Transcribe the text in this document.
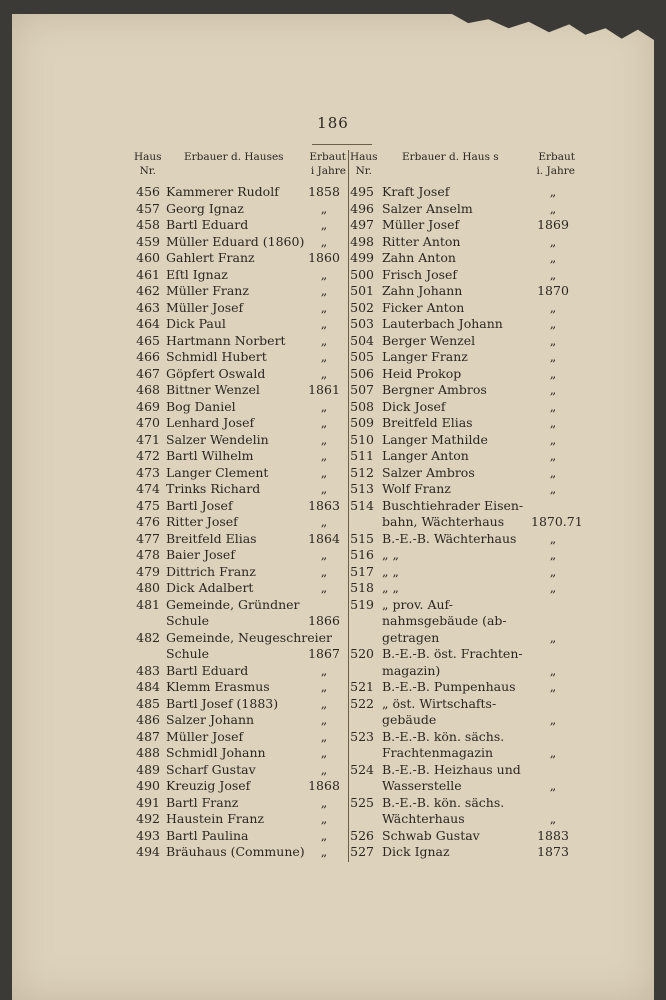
186
Haus
Nr.
Erbauer d. Hauses Erbaut
i Jahre
456 Kammerer Rudolf	1858
457 Georg Ignaz	„
458 Bartl Eduard	„
459 Müller Eduard (1860)	„
460 Gahlert Franz	1860
461 Eſtl Ignaz	„
462 Müller Franz	„
463 Müller Josef	„
464 Dick Paul	„
465 Hartmann Norbert	„
466 Schmidl Hubert	„
467 Göpfert Oswald	„
468 Bittner Wenzel	1861
469 Bog Daniel	„
470 Lenhard Josef	„
471 Salzer Wendelin	„
472 Bartl Wilhelm	„
473 Langer Clement	„
474 Trinks Richard	„
475 Bartl Josef	1863
476 Ritter Josef	„
477 Breitfeld Elias	1864
478 Baier Josef	„
479 Dittrich Franz	„
480 Dick Adalbert	„
481 Gemeinde, Gründner
Schule	1866
482 Gemeinde, Neugeschreier
Schule	1867
483 Bartl Eduard	„
484 Klemm Erasmus	„
485 Bartl Josef (1883)	„
486 Salzer Johann	„
487 Müller Josef	„
488 Schmidl Johann	„
489 Scharf Gustav	„
490 Kreuzig Josef	1868
491 Bartl Franz	„
492 Haustein Franz	„
493 Bartl Paulina	„
494 Bräuhaus (Commune)	„
Haus
Nr.
Erbauer d. Haus s	Erbaut
i. Jahre
495 Kraft Josef	„
496 Salzer Anselm	„
497 Müller Josef	1869
498 Ritter Anton	„
499 Zahn Anton	„
500 Frisch Josef	„
501 Zahn Johann	1870
502 Ficker Anton	„
503 Lauterbach Johann	„
504 Berger Wenzel	„
505 Langer Franz	„
506 Heid Prokop	„
507 Bergner Ambros	„
508 Dick Josef	„
509 Breitfeld Elias	„
510 Langer Mathilde	„
511 Langer Anton	„
512 Salzer Ambros	„
513 Wolf Franz	„
514 Buschtiehrader Eisen-
bahn, Wächterhaus 1870.71
515 B.-E.-B. Wächterhaus	„
516 „ „	„
517 „ „	„
518 „ „	„
519 „ prov. Auf-
nahmsgebäude (ab-
getragen	„
520 B.-E.-B. öst. Frachten-
magazin)	„
521 B.-E.-B. Pumpenhaus	„
522 „ öst. Wirtschafts-
gebäude	„
523 B.-E.-B. kön. sächs.
Frachtenmagazin	„
524 B.-E.-B. Heizhaus und
Wasserstelle	„
525 B.-E.-B. kön. sächs.
Wächterhaus	„
526 Schwab Gustav	1883
527 Dick Ignaz	1873
